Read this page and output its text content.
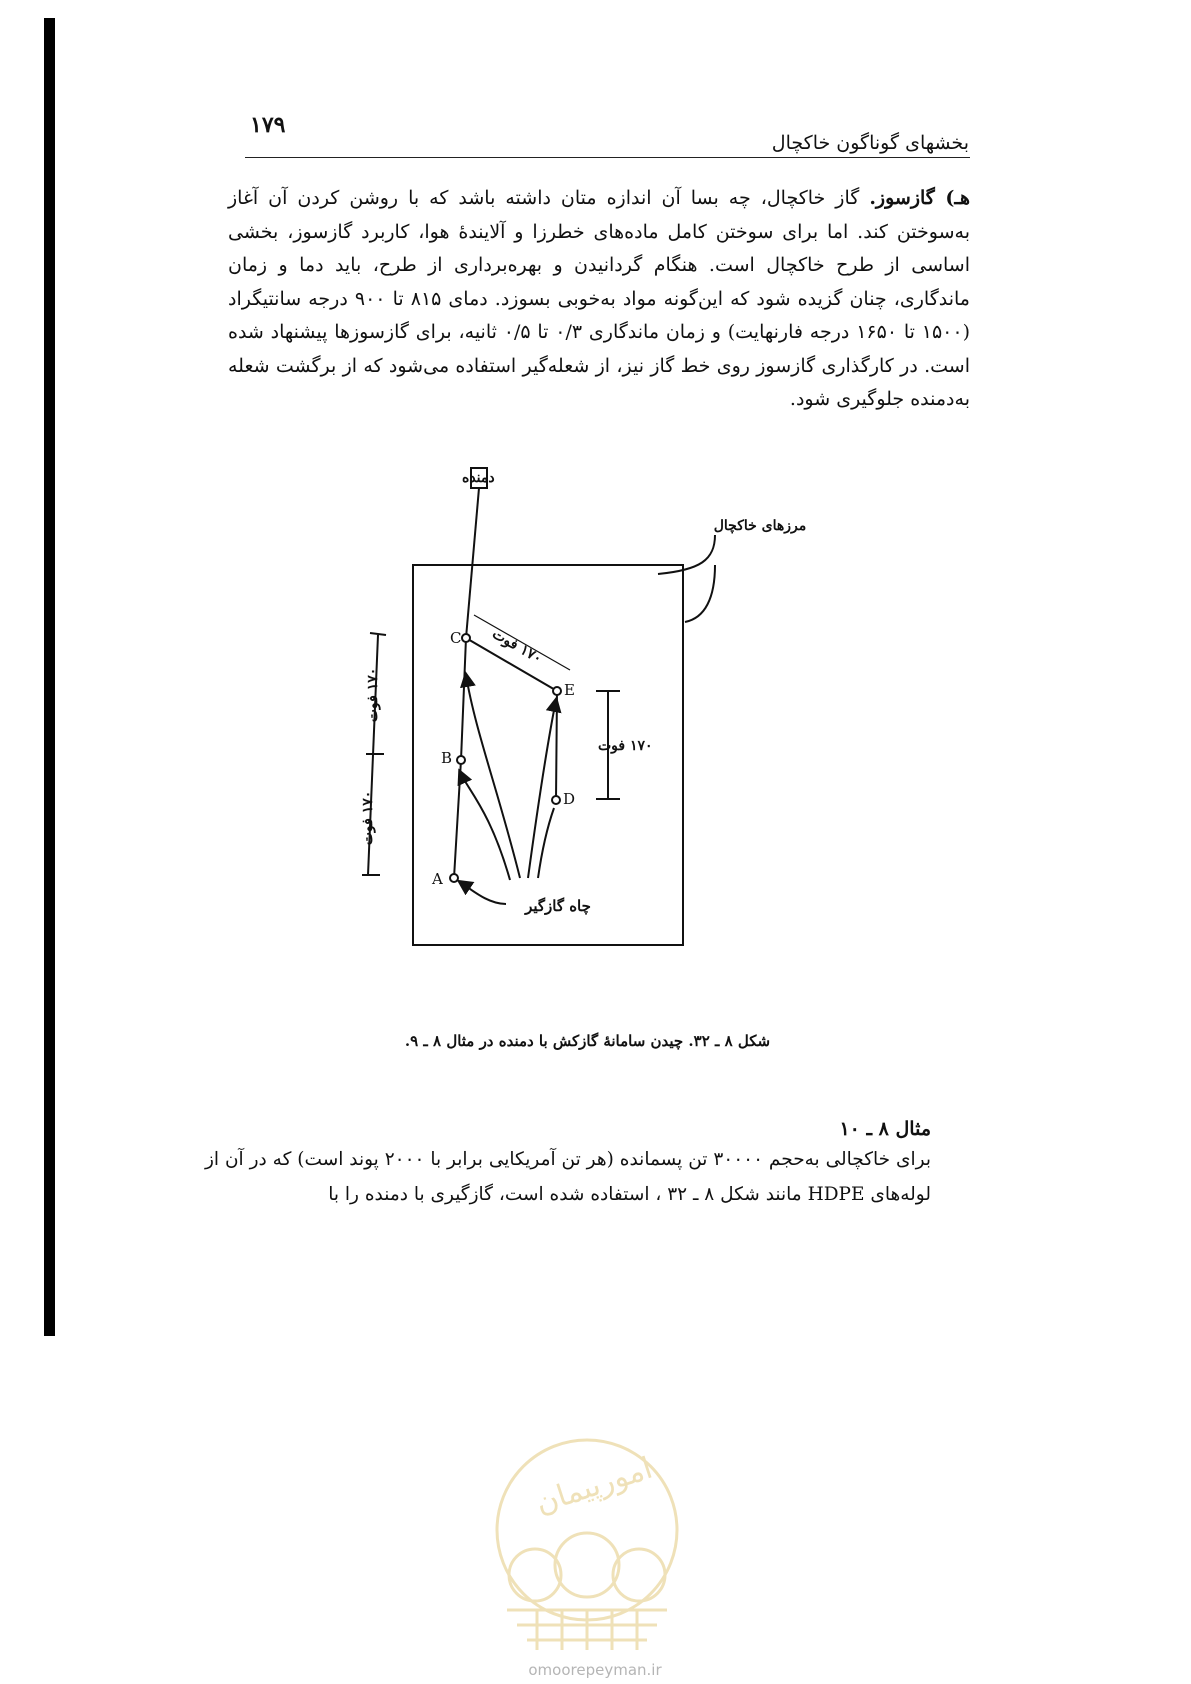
۱۷۹
بخشهای گوناگون خاکچال
هـ) گازسوز. گاز خاکچال، چه بسا آن اندازه متان داشته باشد که با روشن کردن آن آغاز به‌سوختن کند. اما برای سوختن کامل ماده‌های خطرزا و آلایندهٔ هوا، کاربرد گازسوز، بخشی اساسی از طرح خاکچال است. هنگام گردانیدن و بهره‌برداری از طرح، باید دما و زمان ماندگاری، چنان گزیده شود که این‌گونه مواد به‌خوبی بسوزد. دمای ۸۱۵ تا ۹۰۰ درجه سانتیگراد (۱۵۰۰ تا ۱۶۵۰ درجه فارنهایت) و زمان ماندگاری ۰/۳ تا ۰/۵ ثانیه، برای گازسوزها پیشنهاد شده است. در کارگذاری گازسوز روی خط گاز نیز، از شعله‌گیر استفاده می‌شود که از برگشت شعله به‌دمنده جلوگیری شود.
A
B
C
D
E
دمنده
مرزهای خاکچال
چاه گازگیر
۱۷۰ فوت
۱۷۰ فوت
۱۷۰ فوت
۱۷۰ فوت
شکل ۸ ـ ۳۲. چیدن سامانهٔ گازکش با دمنده در مثال ۸ ـ ۹.
مثال ۸ ـ ۱۰
برای خاکچالی به‌حجم ۳۰۰۰۰ تن پسمانده (هر تن آمریکایی برابر با ۲۰۰۰ پوند است) که در آن از لوله‌های HDPE مانند شکل ۸ ـ ۳۲ ، استفاده شده است، گازگیری با دمنده را با
امورپیمان
omoorepeyman.ir
